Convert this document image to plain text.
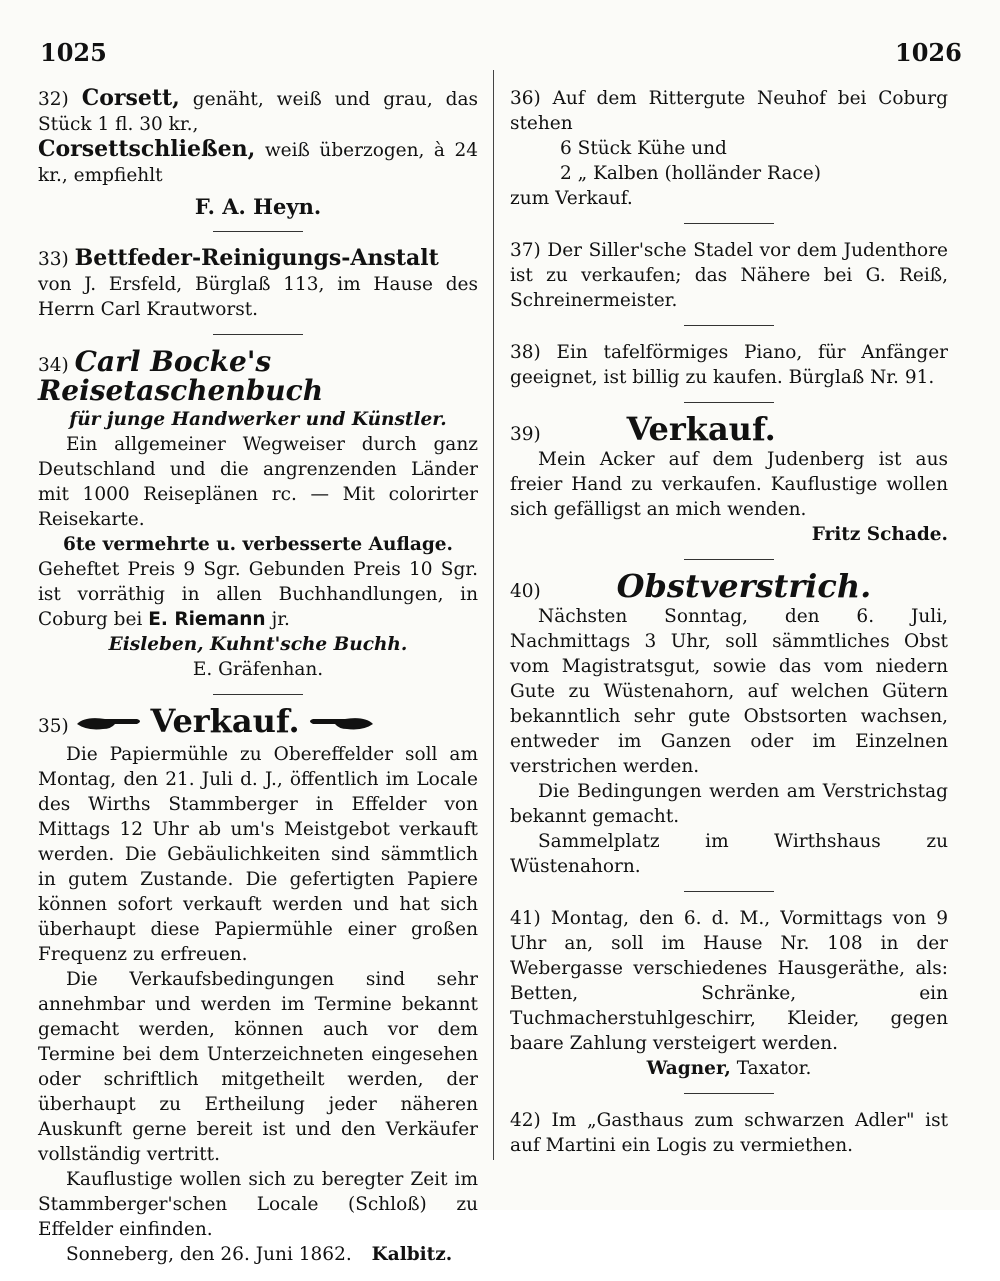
1025	1026

32) Corsett, genäht, weiß und grau, das Stück 1 fl. 30 kr.,

Corsettschließen, weiß überzogen, à 24 kr., empfiehlt

F. A. Heyn.

33) Bettfeder-Reinigungs-Anstalt

von J. Ersfeld, Bürglaß 113, im Hause des Herrn Carl Krautworst.

34) Carl Bocke's Reisetaschenbuch

für junge Handwerker und Künstler.

Ein allgemeiner Wegweiser durch ganz Deutschland und die angrenzenden Länder mit 1000 Reiseplänen rc. — Mit colorirter Reisekarte.

6te vermehrte u. verbesserte Auflage.

Geheftet Preis 9 Sgr. Gebunden Preis 10 Sgr. ist vorräthig in allen Buchhandlungen, in Coburg bei E. Riemann jr.

Eisleben, Kuhnt'sche Buchh.

E. Gräfenhan.

35)	Verkauf.

Die Papiermühle zu Obereffelder soll am Montag, den 21. Juli d. J., öffentlich im Locale des Wirths Stammberger in Effelder von Mittags 12 Uhr ab um's Meistgebot verkauft werden. Die Gebäulichkeiten sind sämmtlich in gutem Zustande. Die gefertigten Papiere können sofort verkauft werden und hat sich überhaupt diese Papiermühle einer großen Frequenz zu erfreuen.

Die Verkaufsbedingungen sind sehr annehmbar und werden im Termine bekannt gemacht werden, können auch vor dem Termine bei dem Unterzeichneten eingesehen oder schriftlich mitgetheilt werden, der überhaupt zu Ertheilung jeder näheren Auskunft gerne bereit ist und den Verkäufer vollständig vertritt.

Kauflustige wollen sich zu beregter Zeit im Stammberger'schen Locale (Schloß) zu Effelder einfinden.

Sonneberg, den 26. Juni 1862. Kalbitz.

36) Auf dem Rittergute Neuhof bei Coburg stehen

6 Stück Kühe und

2 „ Kalben (holländer Race)

zum Verkauf.

37) Der Siller'sche Stadel vor dem Judenthore ist zu verkaufen; das Nähere bei G. Reiß, Schreinermeister.

38) Ein tafelförmiges Piano, für Anfänger geeignet, ist billig zu kaufen. Bürglaß Nr. 91.

39)	Verkauf.

Mein Acker auf dem Judenberg ist aus freier Hand zu verkaufen. Kauflustige wollen sich gefälligst an mich wenden.

Fritz Schade.

40) Obstverstrich.

Nächsten Sonntag, den 6. Juli, Nachmittags 3 Uhr, soll sämmtliches Obst vom Magistratsgut, sowie das vom niedern Gute zu Wüstenahorn, auf welchen Gütern bekanntlich sehr gute Obstsorten wachsen, entweder im Ganzen oder im Einzelnen verstrichen werden.

Die Bedingungen werden am Verstrichstag bekannt gemacht.

Sammelplatz im Wirthshaus zu Wüstenahorn.

41) Montag, den 6. d. M., Vormittags von 9 Uhr an, soll im Hause Nr. 108 in der Webergasse verschiedenes Hausgeräthe, als: Betten, Schränke, ein Tuchmacherstuhlgeschirr, Kleider, gegen baare Zahlung versteigert werden.

Wagner, Taxator.

42) Im „Gasthaus zum schwarzen Adler" ist auf Martini ein Logis zu vermiethen.
